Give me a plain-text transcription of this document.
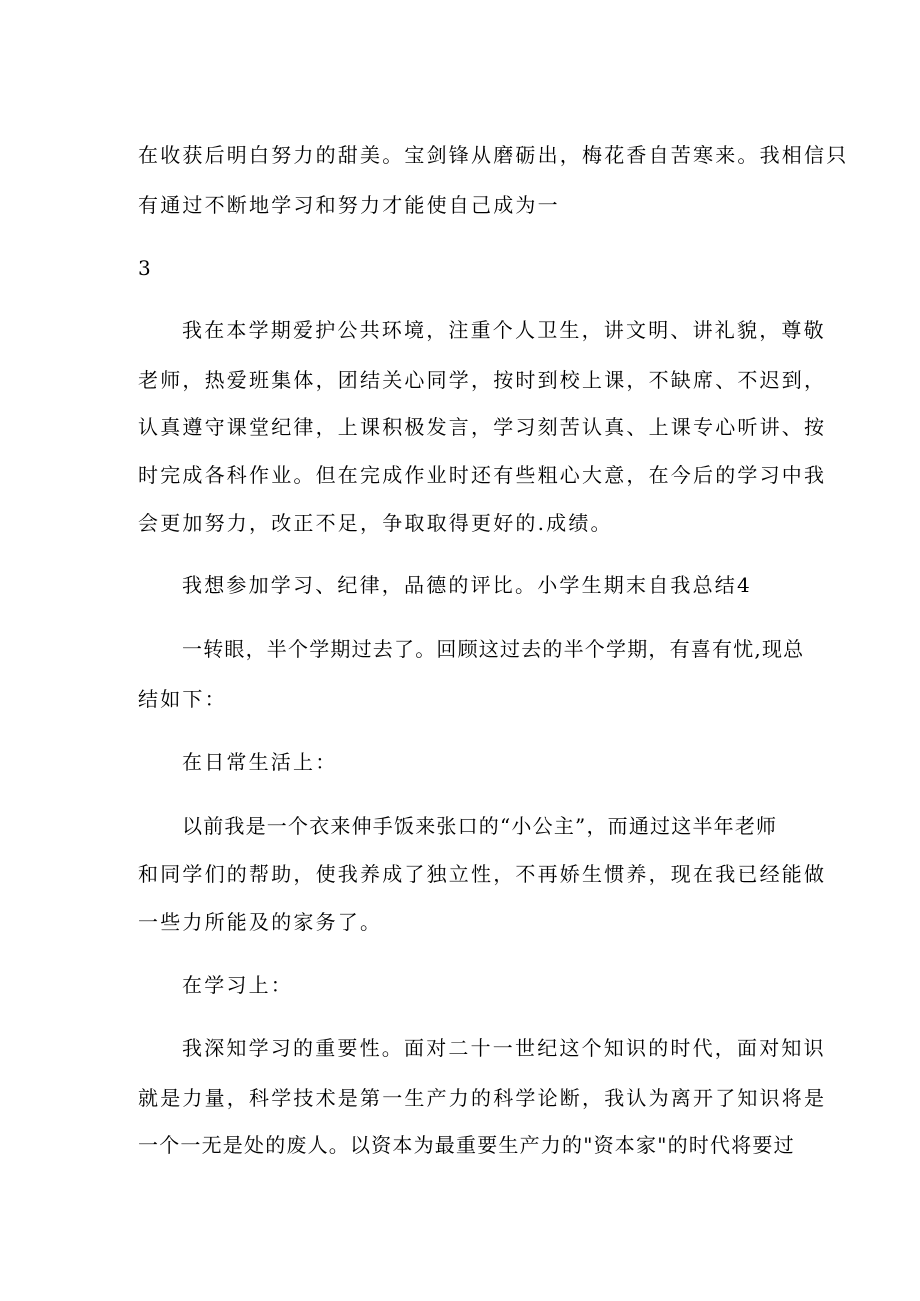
在收获后明白努力的甜美。宝剑锋从磨砺出，梅花香自苦寒来。我相信只
有通过不断地学习和努力才能使自己成为一
3
我在本学期爱护公共环境，注重个人卫生，讲文明、讲礼貌，尊敬
老师，热爱班集体，团结关心同学，按时到校上课，不缺席、不迟到，
认真遵守课堂纪律，上课积极发言，学习刻苦认真、上课专心听讲、按
时完成各科作业。但在完成作业时还有些粗心大意，在今后的学习中我
会更加努力，改正不足，争取取得更好的.成绩。
我想参加学习、纪律，品德的评比。小学生期末自我总结4
一转眼，半个学期过去了。回顾这过去的半个学期，有喜有忧,现总
结如下：
在日常生活上：
以前我是一个衣来伸手饭来张口的“小公主”，而通过这半年老师
和同学们的帮助，使我养成了独立性，不再娇生惯养，现在我已经能做
一些力所能及的家务了。
在学习上：
我深知学习的重要性。面对二十一世纪这个知识的时代，面对知识
就是力量，科学技术是第一生产力的科学论断，我认为离开了知识将是
一个一无是处的废人。以资本为最重要生产力的"资本家"的时代将要过
